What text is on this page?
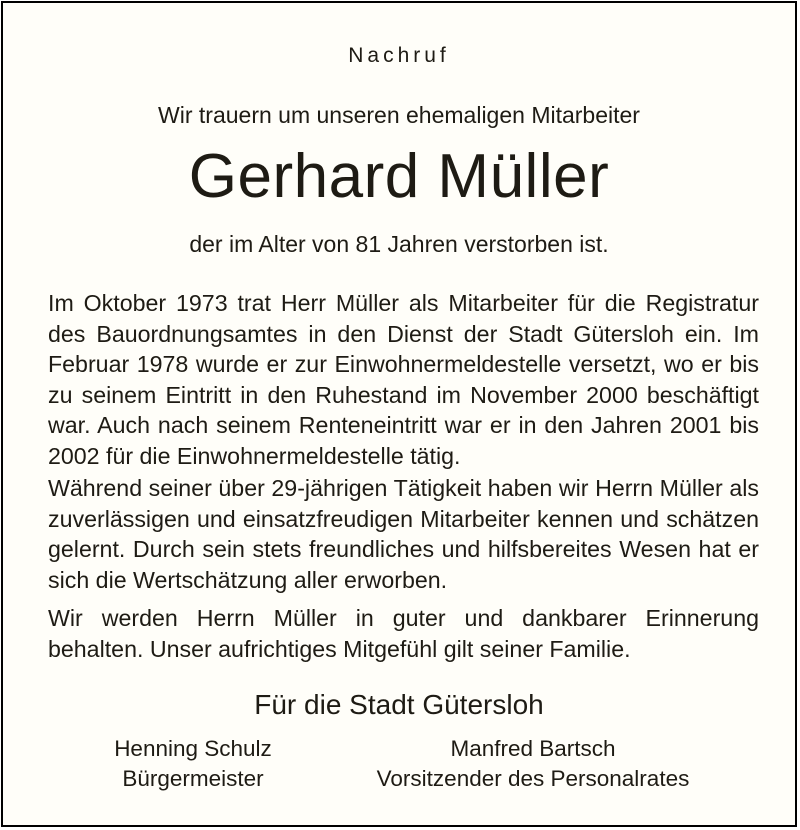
Nachruf
Wir trauern um unseren ehemaligen Mitarbeiter
Gerhard Müller
der im Alter von 81 Jahren verstorben ist.
Im Oktober 1973 trat Herr Müller als Mitarbeiter für die Registratur des Bauordnungsamtes in den Dienst der Stadt Gütersloh ein. Im Februar 1978 wurde er zur Einwohnermeldestelle versetzt, wo er bis zu seinem Eintritt in den Ruhestand im November 2000 beschäftigt war. Auch nach seinem Renteneintritt war er in den Jahren 2001 bis 2002 für die Einwohnermeldestelle tätig.
Während seiner über 29-jährigen Tätigkeit haben wir Herrn Müller als zuverlässigen und einsatzfreudigen Mitarbeiter kennen und schätzen gelernt. Durch sein stets freundliches und hilfsbereites Wesen hat er sich die Wertschätzung aller erworben.
Wir werden Herrn Müller in guter und dankbarer Erinnerung behalten. Unser aufrichtiges Mitgefühl gilt seiner Familie.
Für die Stadt Gütersloh
Henning Schulz
Bürgermeister
Manfred Bartsch
Vorsitzender des Personalrates
